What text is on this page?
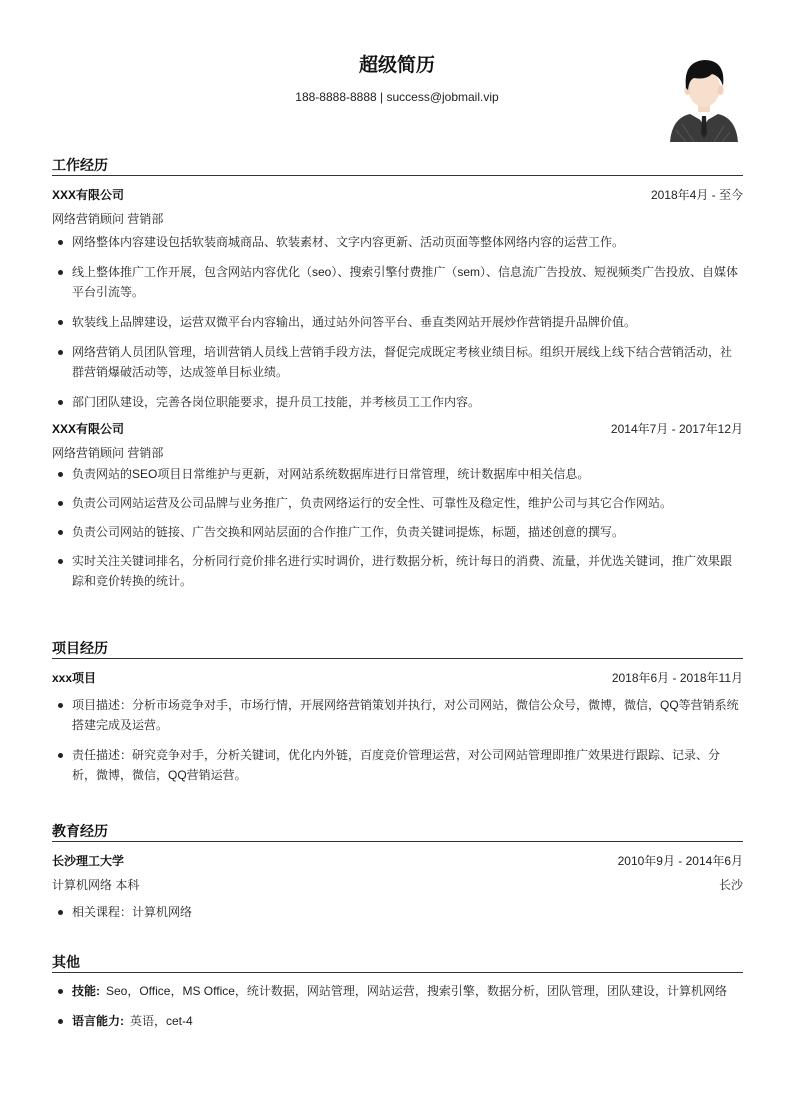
超级简历
188-8888-8888 | success@jobmail.vip
工作经历
XXX有限公司	2018年4月 - 至今
网络营销顾问 营销部
网络整体内容建设包括软装商城商品、软装素材、文字内容更新、活动页面等整体网络内容的运营工作。
线上整体推广工作开展，包含网站内容优化（seo）、搜索引擎付费推广（sem）、信息流广告投放、短视频类广告投放、自媒体平台引流等。
软装线上品牌建设，运营双微平台内容输出，通过站外问答平台、垂直类网站开展炒作营销提升品牌价值。
网络营销人员团队管理，培训营销人员线上营销手段方法，督促完成既定考核业绩目标。组织开展线上线下结合营销活动，社群营销爆破活动等，达成签单目标业绩。
部门团队建设，完善各岗位职能要求，提升员工技能，并考核员工工作内容。
XXX有限公司	2014年7月 - 2017年12月
网络营销顾问 营销部
负责网站的SEO项目日常维护与更新，对网站系统数据库进行日常管理，统计数据库中相关信息。
负责公司网站运营及公司品牌与业务推广，负责网络运行的安全性、可靠性及稳定性，维护公司与其它合作网站。
负责公司网站的链接、广告交换和网站层面的合作推广工作，负责关键词提炼，标题，描述创意的撰写。
实时关注关键词排名，分析同行竞价排名进行实时调价，进行数据分析，统计每日的消费、流量，并优选关键词，推广效果跟踪和竞价转换的统计。
项目经历
xxx项目	2018年6月 - 2018年11月
项目描述：分析市场竞争对手，市场行情，开展网络营销策划并执行，对公司网站，微信公众号，微博，微信，QQ等营销系统搭建完成及运营。
责任描述：研究竞争对手，分析关键词，优化内外链，百度竞价管理运营，对公司网站管理即推广效果进行跟踪、记录、分析，微博，微信，QQ营销运营。
教育经历
长沙理工大学	2010年9月 - 2014年6月
计算机网络 本科	长沙
相关课程：计算机网络
其他
技能: Seo，Office，MS Office，统计数据，网站管理，网站运营，搜索引擎，数据分析，团队管理，团队建设，计算机网络
语言能力: 英语，cet-4
